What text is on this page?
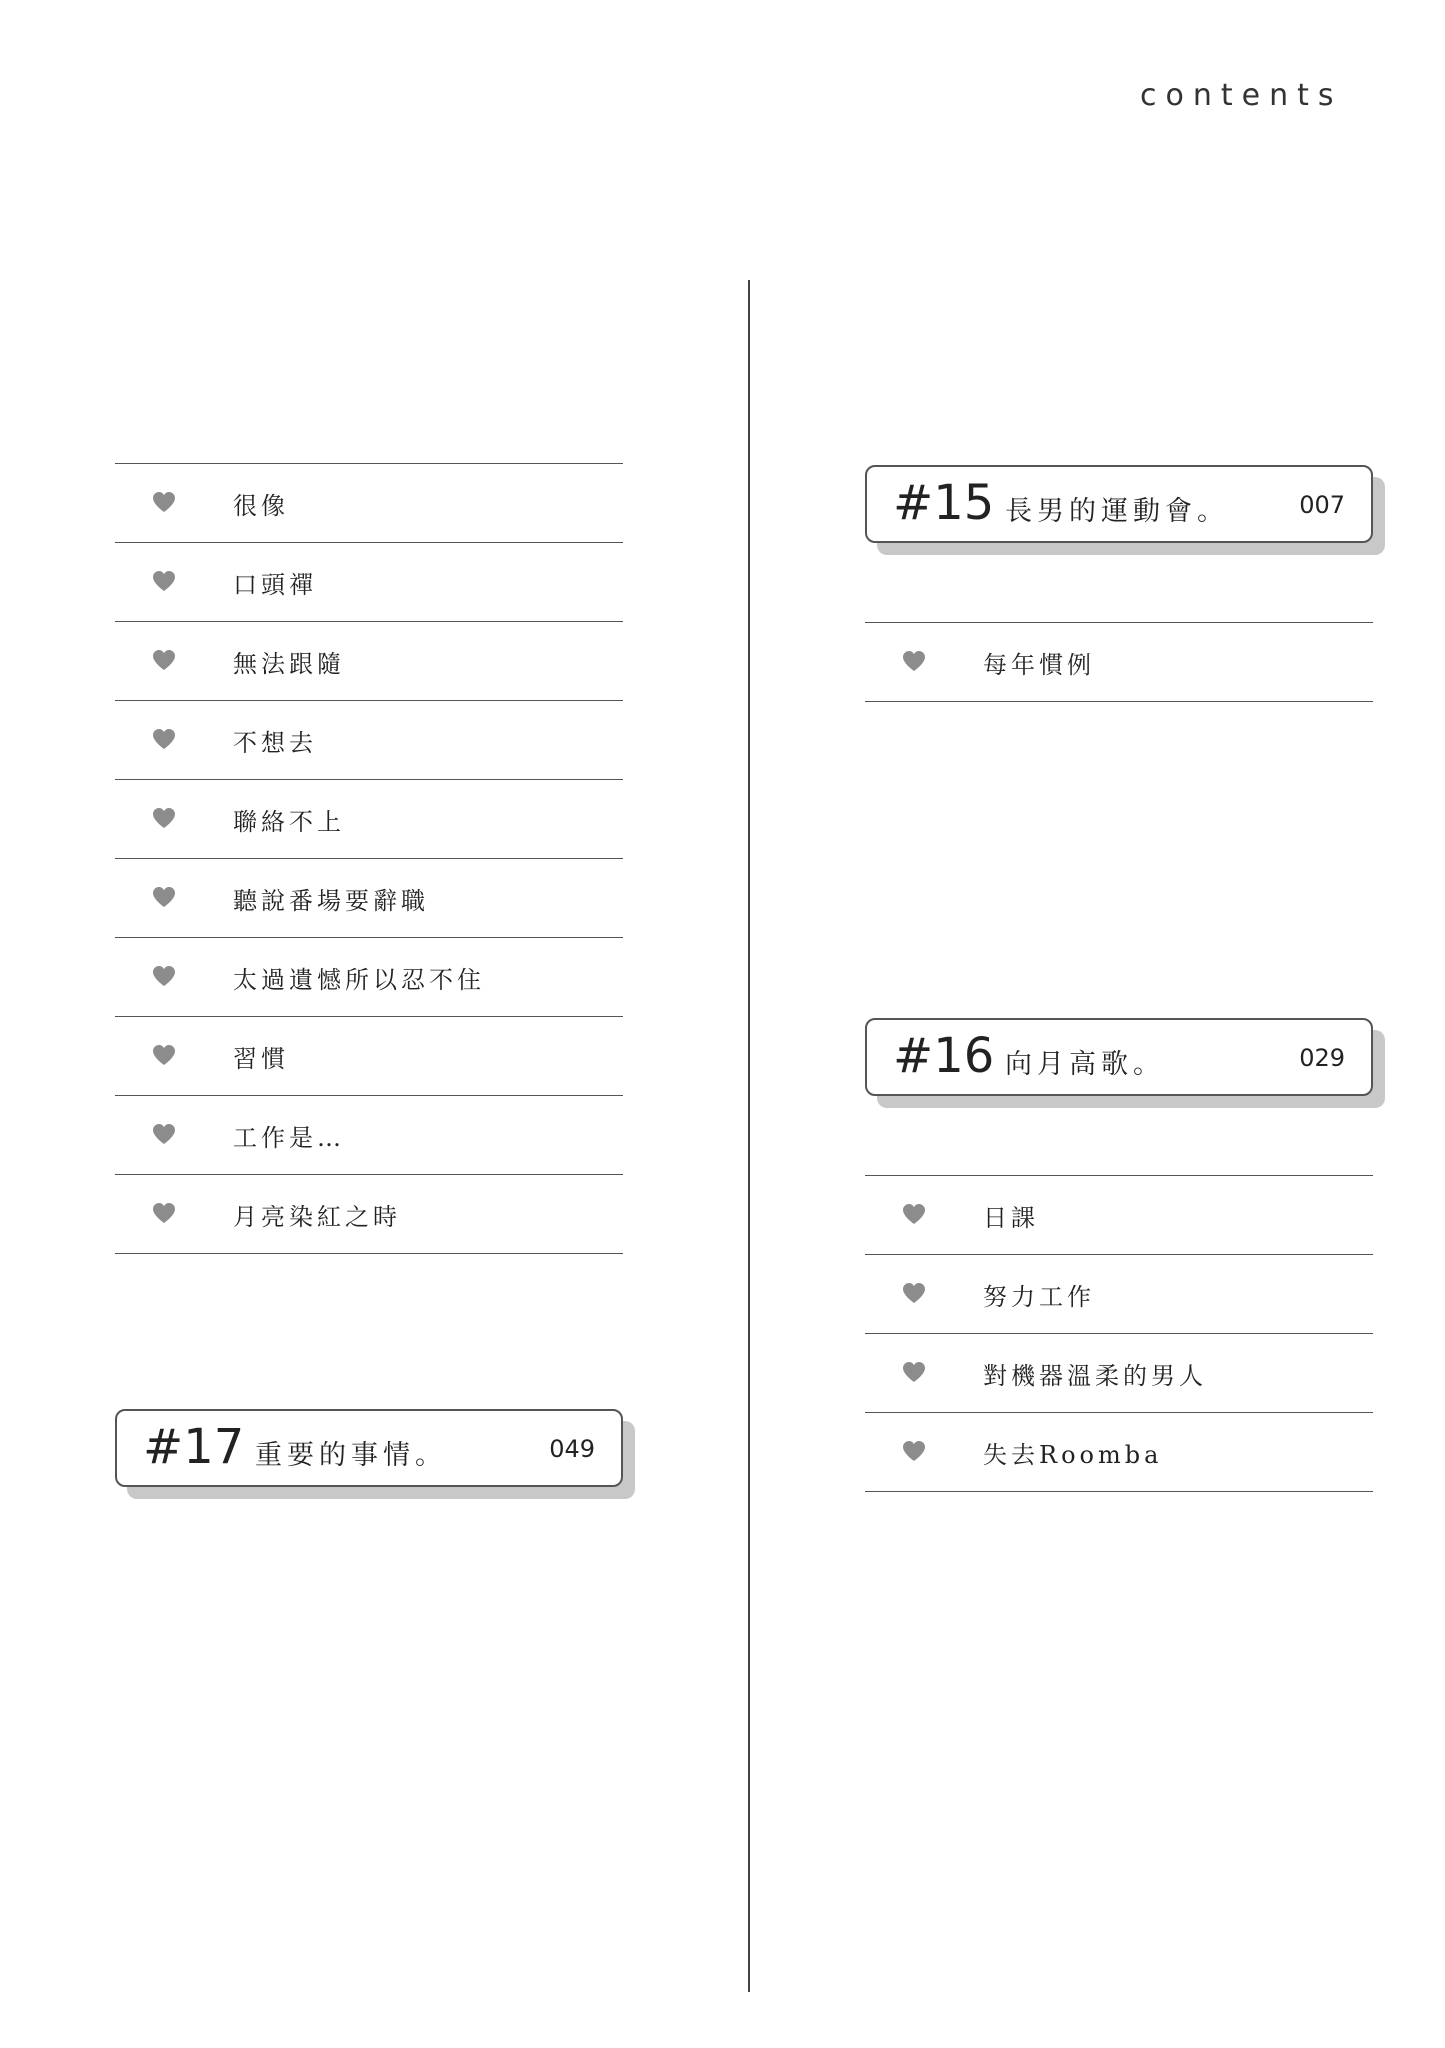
contents
很像
口頭禪
無法跟隨
不想去
聯絡不上
聽說番場要辭職
太過遺憾所以忍不住
習慣
工作是…
月亮染紅之時
#17 重要的事情。	049
#15 長男的運動會。	007
每年慣例
#16 向月高歌。	029
日課
努力工作
對機器溫柔的男人
失去Roomba
